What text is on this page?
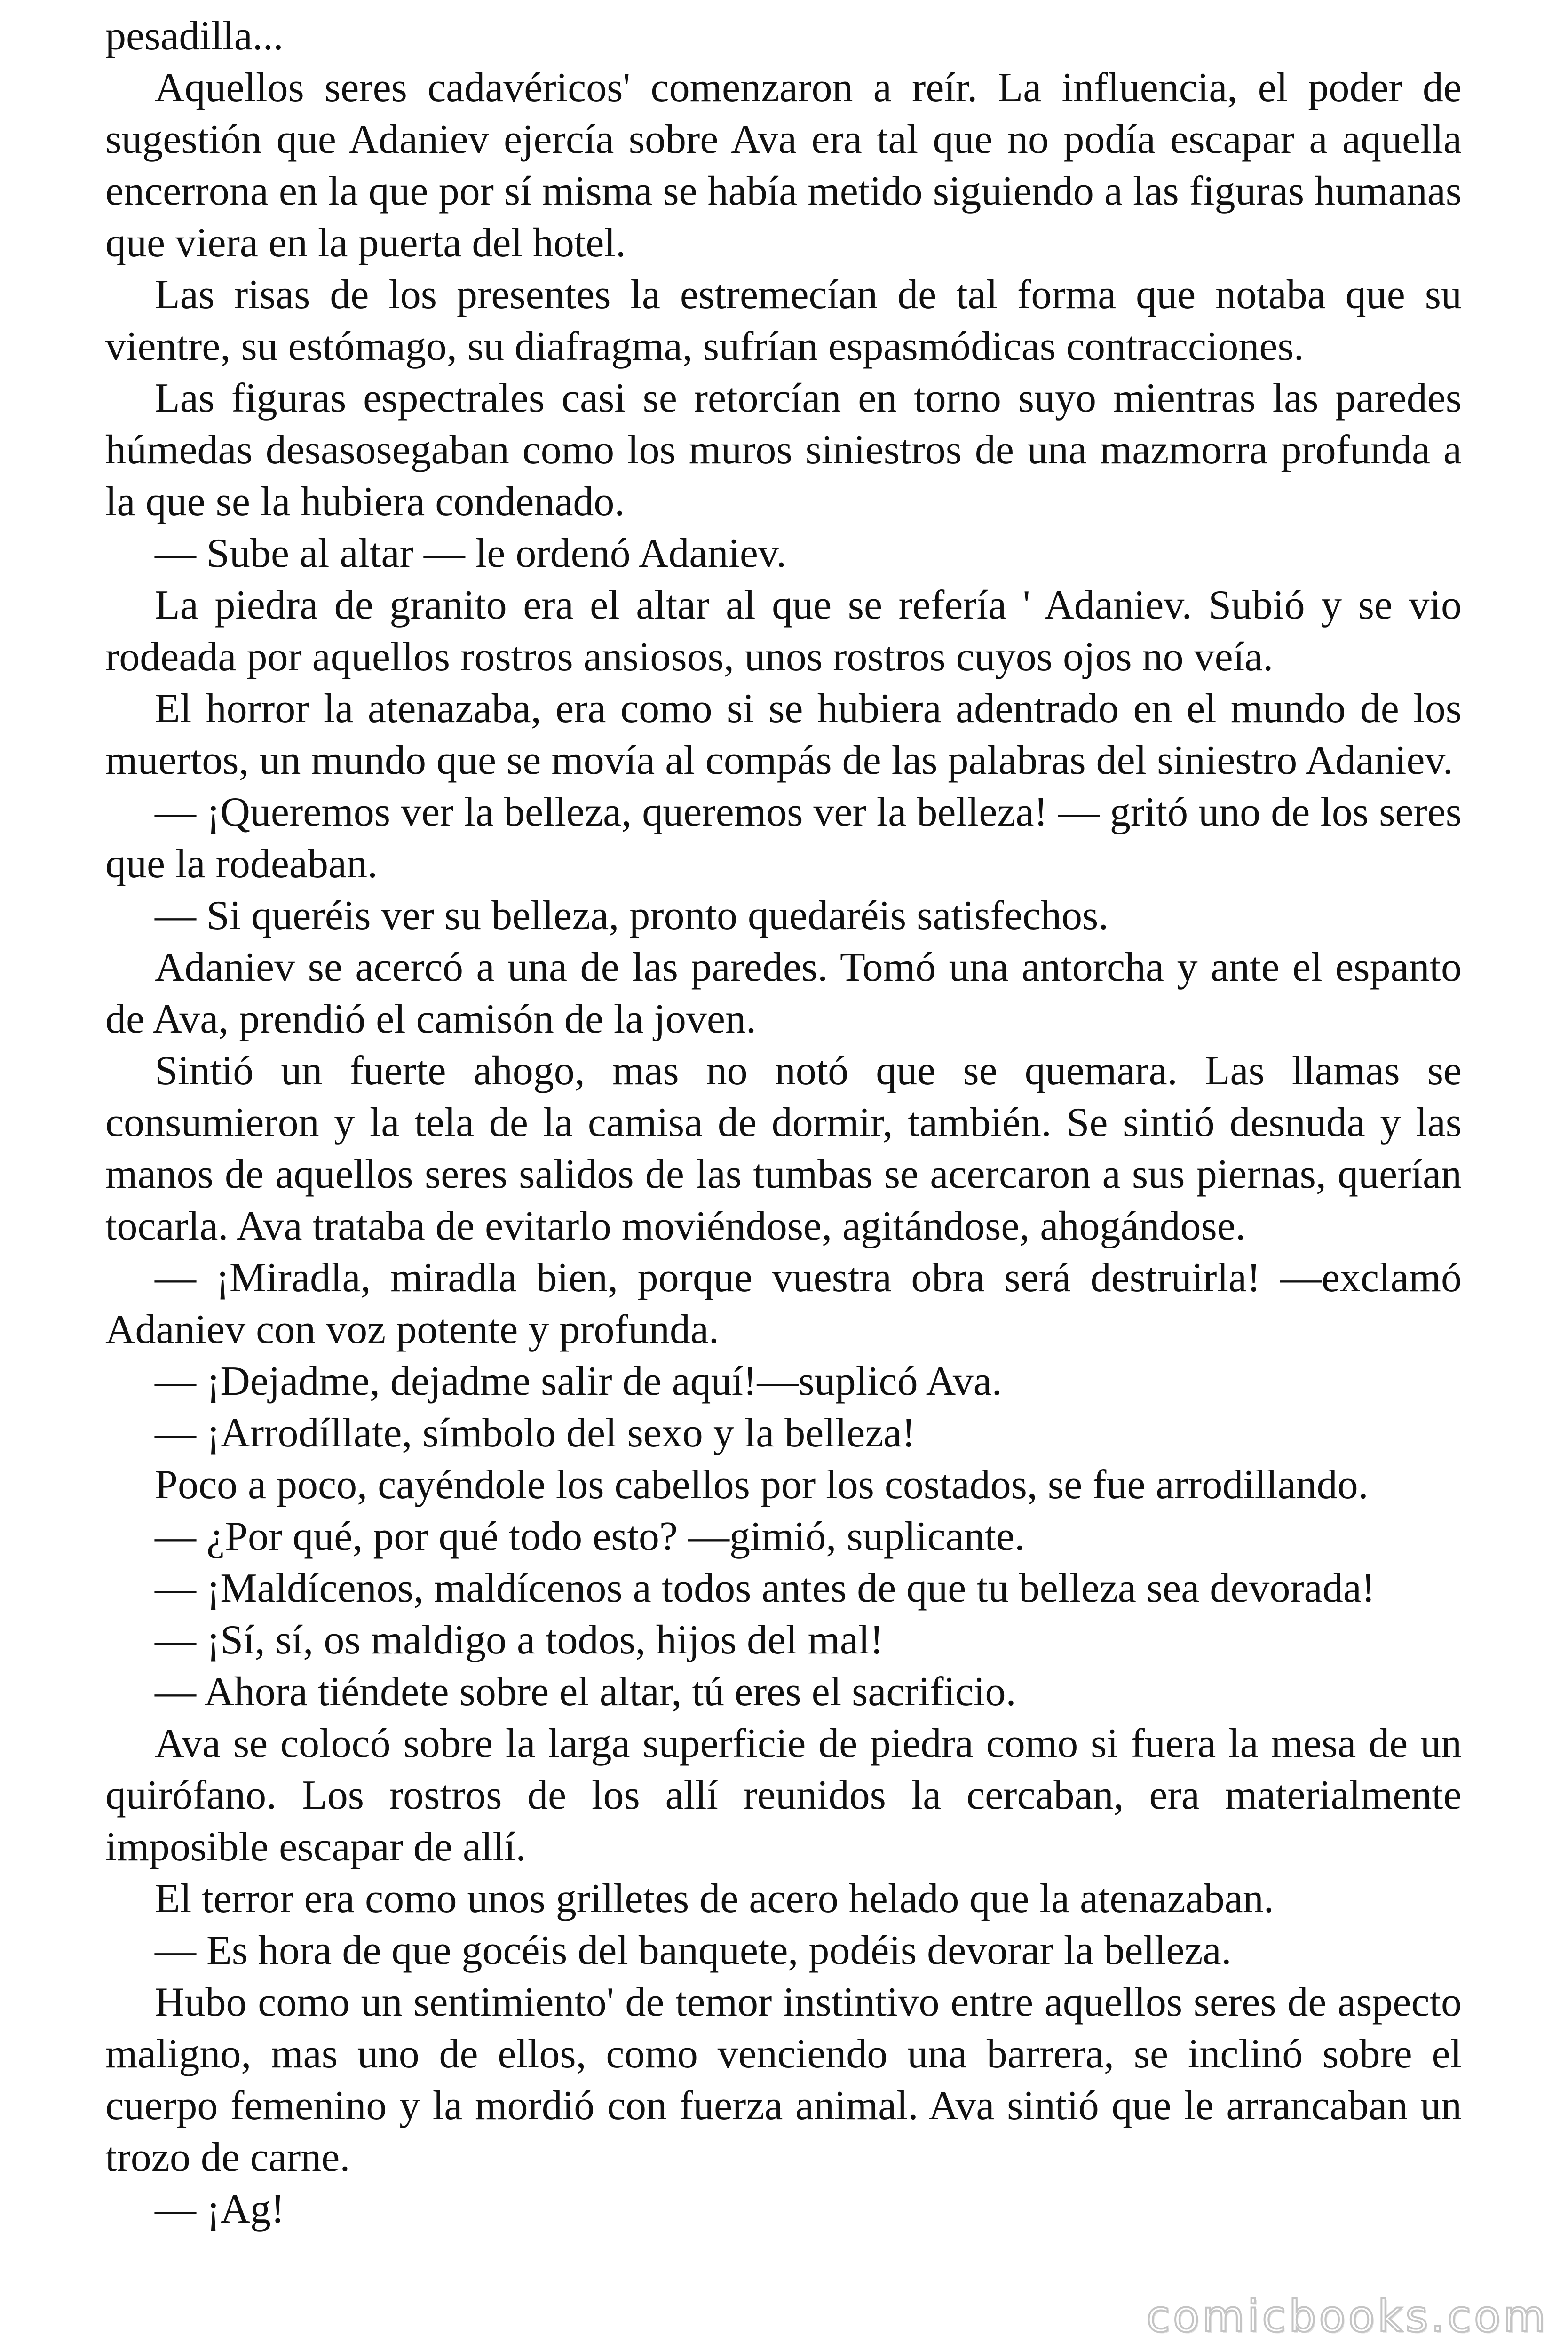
pesadilla...

Aquellos seres cadavéricos' comenzaron a reír. La influencia, el poder de sugestión que Adaniev ejercía sobre Ava era tal que no podía escapar a aquella encerrona en la que por sí misma se había metido siguiendo a las figuras humanas que viera en la puerta del hotel.

Las risas de los presentes la estremecían de tal forma que notaba que su vientre, su estómago, su diafragma, sufrían espasmódicas contracciones.

Las figuras espectrales casi se retorcían en torno suyo mientras las paredes húmedas desasosegaban como los muros siniestros de una mazmorra profunda a la que se la hubiera condenado.

— Sube al altar — le ordenó Adaniev.

La piedra de granito era el altar al que se refería ' Adaniev. Subió y se vio rodeada por aquellos rostros ansiosos, unos rostros cuyos ojos no veía.

El horror la atenazaba, era como si se hubiera adentrado en el mundo de los muertos, un mundo que se movía al compás de las palabras del siniestro Adaniev.

— ¡Queremos ver la belleza, queremos ver la belleza! — gritó uno de los seres que la rodeaban.

— Si queréis ver su belleza, pronto quedaréis satisfechos.

Adaniev se acercó a una de las paredes. Tomó una antorcha y ante el espanto de Ava, prendió el camisón de la joven.

Sintió un fuerte ahogo, mas no notó que se quemara. Las llamas se consumieron y la tela de la camisa de dormir, también. Se sintió desnuda y las manos de aquellos seres salidos de las tumbas se acercaron a sus piernas, querían tocarla. Ava trataba de evitarlo moviéndose, agitándose, ahogándose.

— ¡Miradla, miradla bien, porque vuestra obra será destruirla! —exclamó Adaniev con voz potente y profunda.

— ¡Dejadme, dejadme salir de aquí!—suplicó Ava.

— ¡Arrodíllate, símbolo del sexo y la belleza!

Poco a poco, cayéndole los cabellos por los costados, se fue arrodillando.

— ¿Por qué, por qué todo esto? —gimió, suplicante.

— ¡Maldícenos, maldícenos a todos antes de que tu belleza sea devorada!

— ¡Sí, sí, os maldigo a todos, hijos del mal!

— Ahora tiéndete sobre el altar, tú eres el sacrificio.

Ava se colocó sobre la larga superficie de piedra como si fuera la mesa de un quirófano. Los rostros de los allí reunidos la cercaban, era materialmente imposible escapar de allí.

El terror era como unos grilletes de acero helado que la atenazaban.

— Es hora de que gocéis del banquete, podéis devorar la belleza.

Hubo como un sentimiento' de temor instintivo entre aquellos seres de aspecto maligno, mas uno de ellos, como venciendo una barrera, se inclinó sobre el cuerpo femenino y la mordió con fuerza animal. Ava sintió que le arrancaban un trozo de carne.

— ¡Ag!

comicbooks.com
